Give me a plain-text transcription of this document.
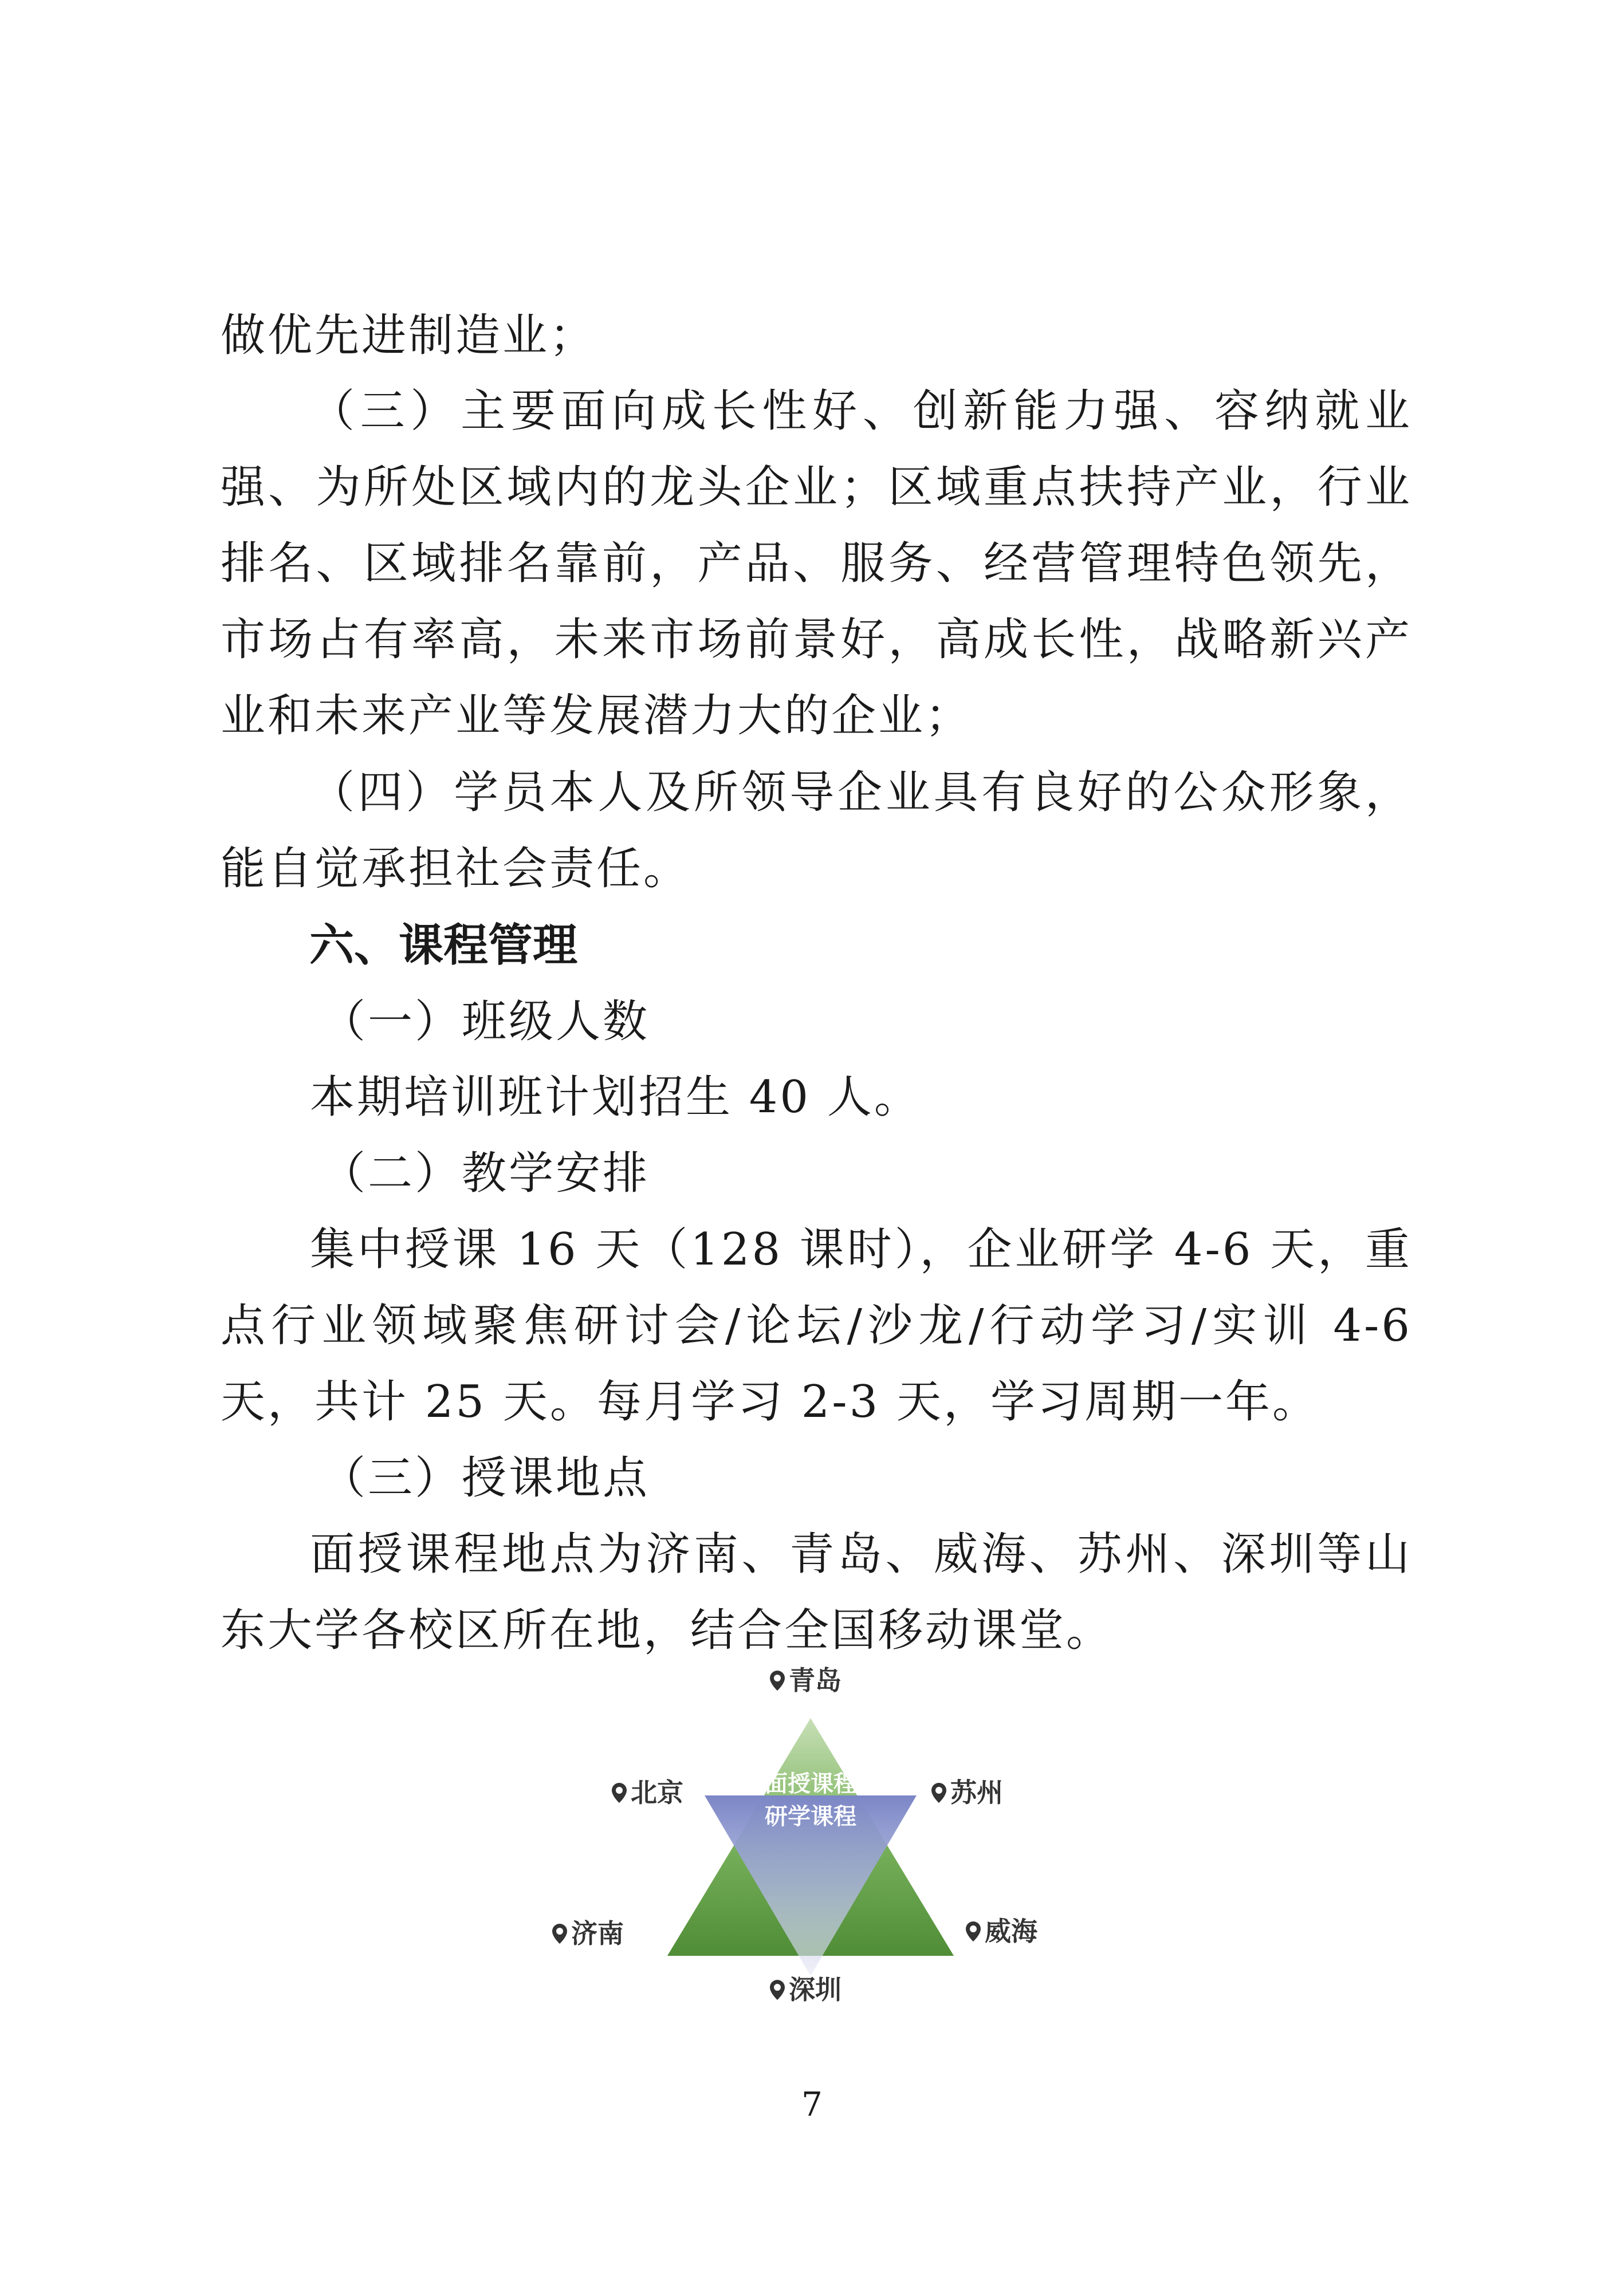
做优先进制造业；
（三）主要面向成长性好、创新能力强、容纳就业强、为所处区域内的龙头企业；区域重点扶持产业，行业排名、区域排名靠前，产品、服务、经营管理特色领先，市场占有率高，未来市场前景好，高成长性，战略新兴产业和未来产业等发展潜力大的企业；
（四）学员本人及所领导企业具有良好的公众形象，能自觉承担社会责任。
六、课程管理
（一）班级人数
本期培训班计划招生 40 人。
（二）教学安排
集中授课 16 天（128 课时），企业研学 4-6 天，重点行业领域聚焦研讨会/论坛/沙龙/行动学习/实训 4-6 天，共计 25 天。每月学习 2-3 天，学习周期一年。
（三）授课地点
面授课程地点为济南、青岛、威海、苏州、深圳等山东大学各校区所在地，结合全国移动课堂。
面授课程
研学课程
青岛
北京	苏州
济南	威海
深圳
7
